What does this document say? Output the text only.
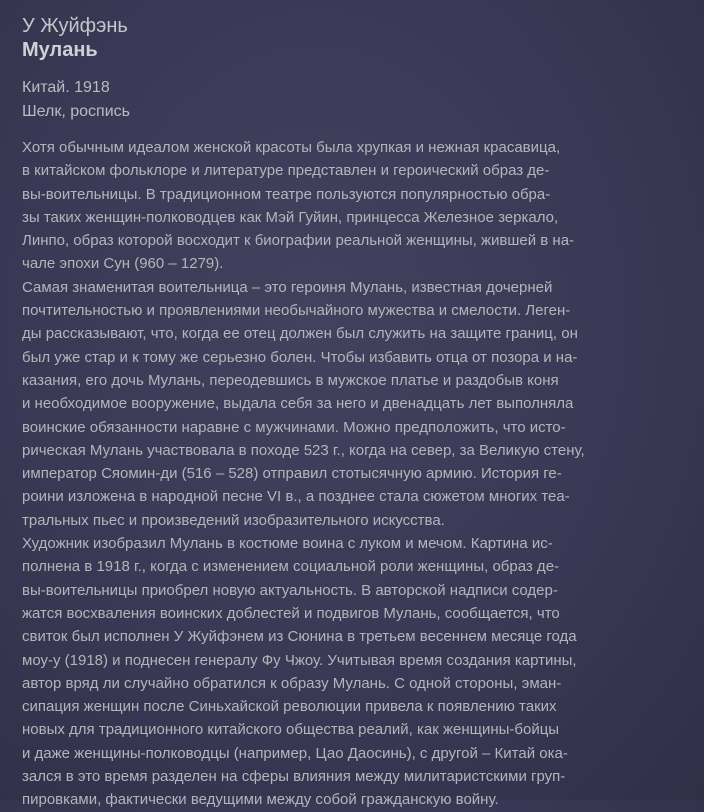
У Жуйфэнь

Мулань

Китай. 1918

Шелк, роспись

Хотя обычным идеалом женской красоты была хрупкая и нежная красавица,
в китайском фольклоре и литературе представлен и героический образ де-
вы-воительницы. В традиционном театре пользуются популярностью обра-
зы таких женщин-полководцев как Мэй Гуйин, принцесса Железное зеркало,
Линпо, образ которой восходит к биографии реальной женщины, жившей в на-
чале эпохи Сун (960 – 1279).
Самая знаменитая воительница – это героиня Мулань, известная дочерней
почтительностью и проявлениями необычайного мужества и смелости. Леген-
ды рассказывают, что, когда ее отец должен был служить на защите границ, он
был уже стар и к тому же серьезно болен. Чтобы избавить отца от позора и на-
казания, его дочь Мулань, переодевшись в мужское платье и раздобыв коня
и необходимое вооружение, выдала себя за него и двенадцать лет выполняла
воинские обязанности наравне с мужчинами. Можно предположить, что исто-
рическая Мулань участвовала в походе 523 г., когда на север, за Великую стену,
император Сяомин-ди (516 – 528) отправил стотысячную армию. История ге-
роини изложена в народной песне VI в., а позднее стала сюжетом многих теа-
тральных пьес и произведений изобразительного искусства.
Художник изобразил Мулань в костюме воина с луком и мечом. Картина ис-
полнена в 1918 г., когда с изменением социальной роли женщины, образ де-
вы-воительницы приобрел новую актуальность. В авторской надписи содер-
жатся восхваления воинских доблестей и подвигов Мулань, сообщается, что
свиток был исполнен У Жуйфэнем из Сюнина в третьем весеннем месяце года
моу-у (1918) и поднесен генералу Фу Чжоу. Учитывая время создания картины,
автор вряд ли случайно обратился к образу Мулань. С одной стороны, эман-
сипация женщин после Синьхайской революции привела к появлению таких
новых для традиционного китайского общества реалий, как женщины-бойцы
и даже женщины-полководцы (например, Цао Даосинь), с другой – Китай ока-
зался в это время разделен на сферы влияния между милитаристскими груп-
пировками, фактически ведущими между собой гражданскую войну.
